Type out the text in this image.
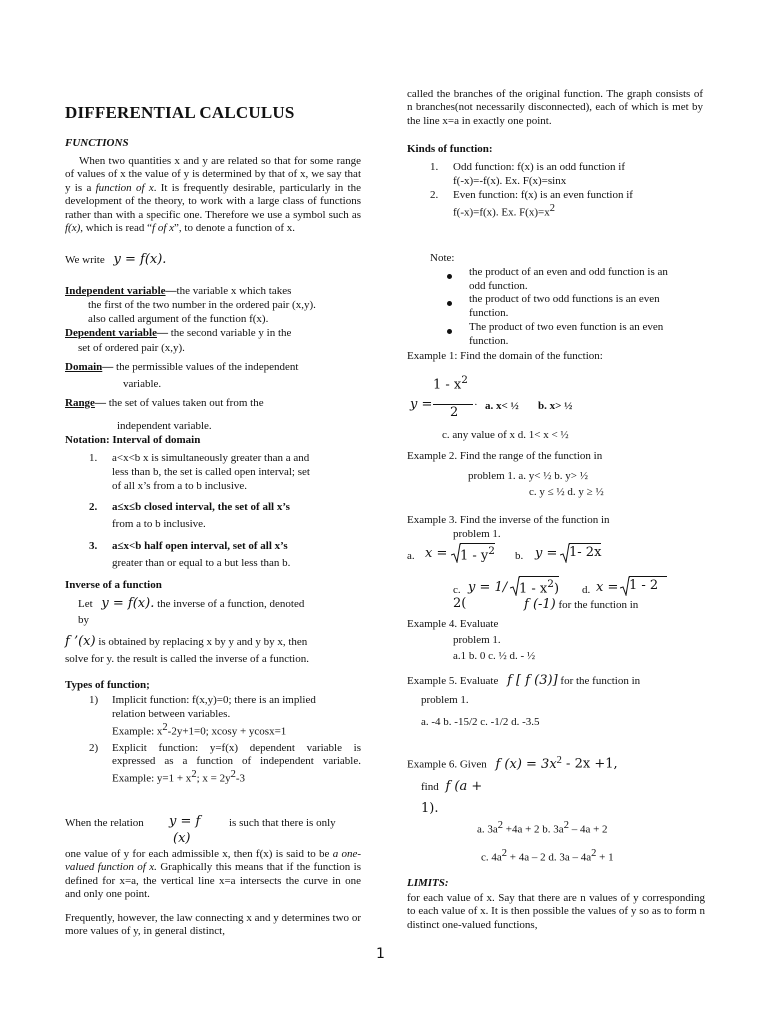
DIFFERENTIAL CALCULUS
FUNCTIONS
When two quantities x and y are related so that for some range of values of x the value of y is determined by that of x, we say that y is a function of x. It is frequently desirable, particularly in the development of the theory, to work with a large class of functions rather than with a specific one. Therefore we use a symbol such as f(x), which is read “f of x”, to denote a function of x.
We write y = f(x).
Independent variable—the variable x which takes
the first of the two number in the ordered pair (x,y).
also called argument of the function f(x).
Dependent variable— the second variable y in the
set of ordered pair (x,y).
Domain— the permissible values of the independent
variable.
Range— the set of values taken out from the
independent variable.
Notation: Interval of domain
1. a<x<b x is simultaneously greater than a and
less than b, the set is called open interval; set
of all x’s from a to b inclusive.
2. a≤x≤b closed interval, the set of all x’s
from a to b inclusive.
3. a≤x<b half open interval, set of all x’s
greater than or equal to a but less than b.
Inverse of a function
Let y = f(x). the inverse of a function, denoted
by
f ’(x) is obtained by replacing x by y and y by x, then
solve for y. the result is called the inverse of a function.
Types of function;
1) Implicit function: f(x,y)=0; there is an implied
relation between variables.
Example: $x^2-2y+1=0$; xcosy + ycosx=1
2) Explicit function: y=f(x) dependent variable is expressed as a function of independent variable. Example: $y=1 + x^2$; $x = 2y^2-3$
When the relation y = f
(x)
is such that there is only
one value of y for each admissible x, then f(x) is said to be a one-valued function of x. Graphically this means that if the function is defined for x=a, the vertical line x=a intersects the curve in one and only one point.
Frequently, however, the law connecting x and y determines two or more values of y, in general distinct,
called the branches of the original function. The graph consists of n branches(not necessarily disconnected), each of which is met by the line x=a in exactly one point.
Kinds of function:
1. Odd function: f(x) is an odd function if
f(-x)=-f(x). Ex. F(x)=sinx
2. Even function: f(x) is an even function if
f(-x)=f(x). Ex. $F(x)=x^2$
Note:
the product of an even and odd function is an
odd function.
the product of two odd functions is an even
function.
The product of two even function is an even
function.
Example 1: Find the domain of the function:
$1 - x^2$
y =
2 · a. x< ½ b. x> ½
c. any value of x d. 1< x < ½
Example 2. Find the range of the function in
problem 1. a. y< ½ b. y> ½
c. y ≤ ½ d. y ≥ ½
Example 3. Find the inverse of the function in
problem 1.
a. $x = 1 - y^2$ b. y = 1- 2x
c. y = 1/ $1 - x^2$)
2(
d. x = 1 - 2
f (-1) for the function in
Example 4. Evaluate
problem 1.
a.1 b. 0 c. ½ d. - ½
Example 5. Evaluate f [ f (3)] for the function in
problem 1.
a. -4 b. -15/2 c. -1/2 d. -3.5
Example 6. Given f $(x) = 3x^2 - 2x +1$,
find f (a +
1).
a. $3a^2 +4a + 2$ b. $3a^2 - 4a + 2$
c. $4a^2 + 4a - 2$ d. $3a - 4a^2 + 1$
LIMITS:
for each value of x. Say that there are n values of y corresponding to each value of x. It is then possible the values of y so as to form n distinct one-valued functions,
1
